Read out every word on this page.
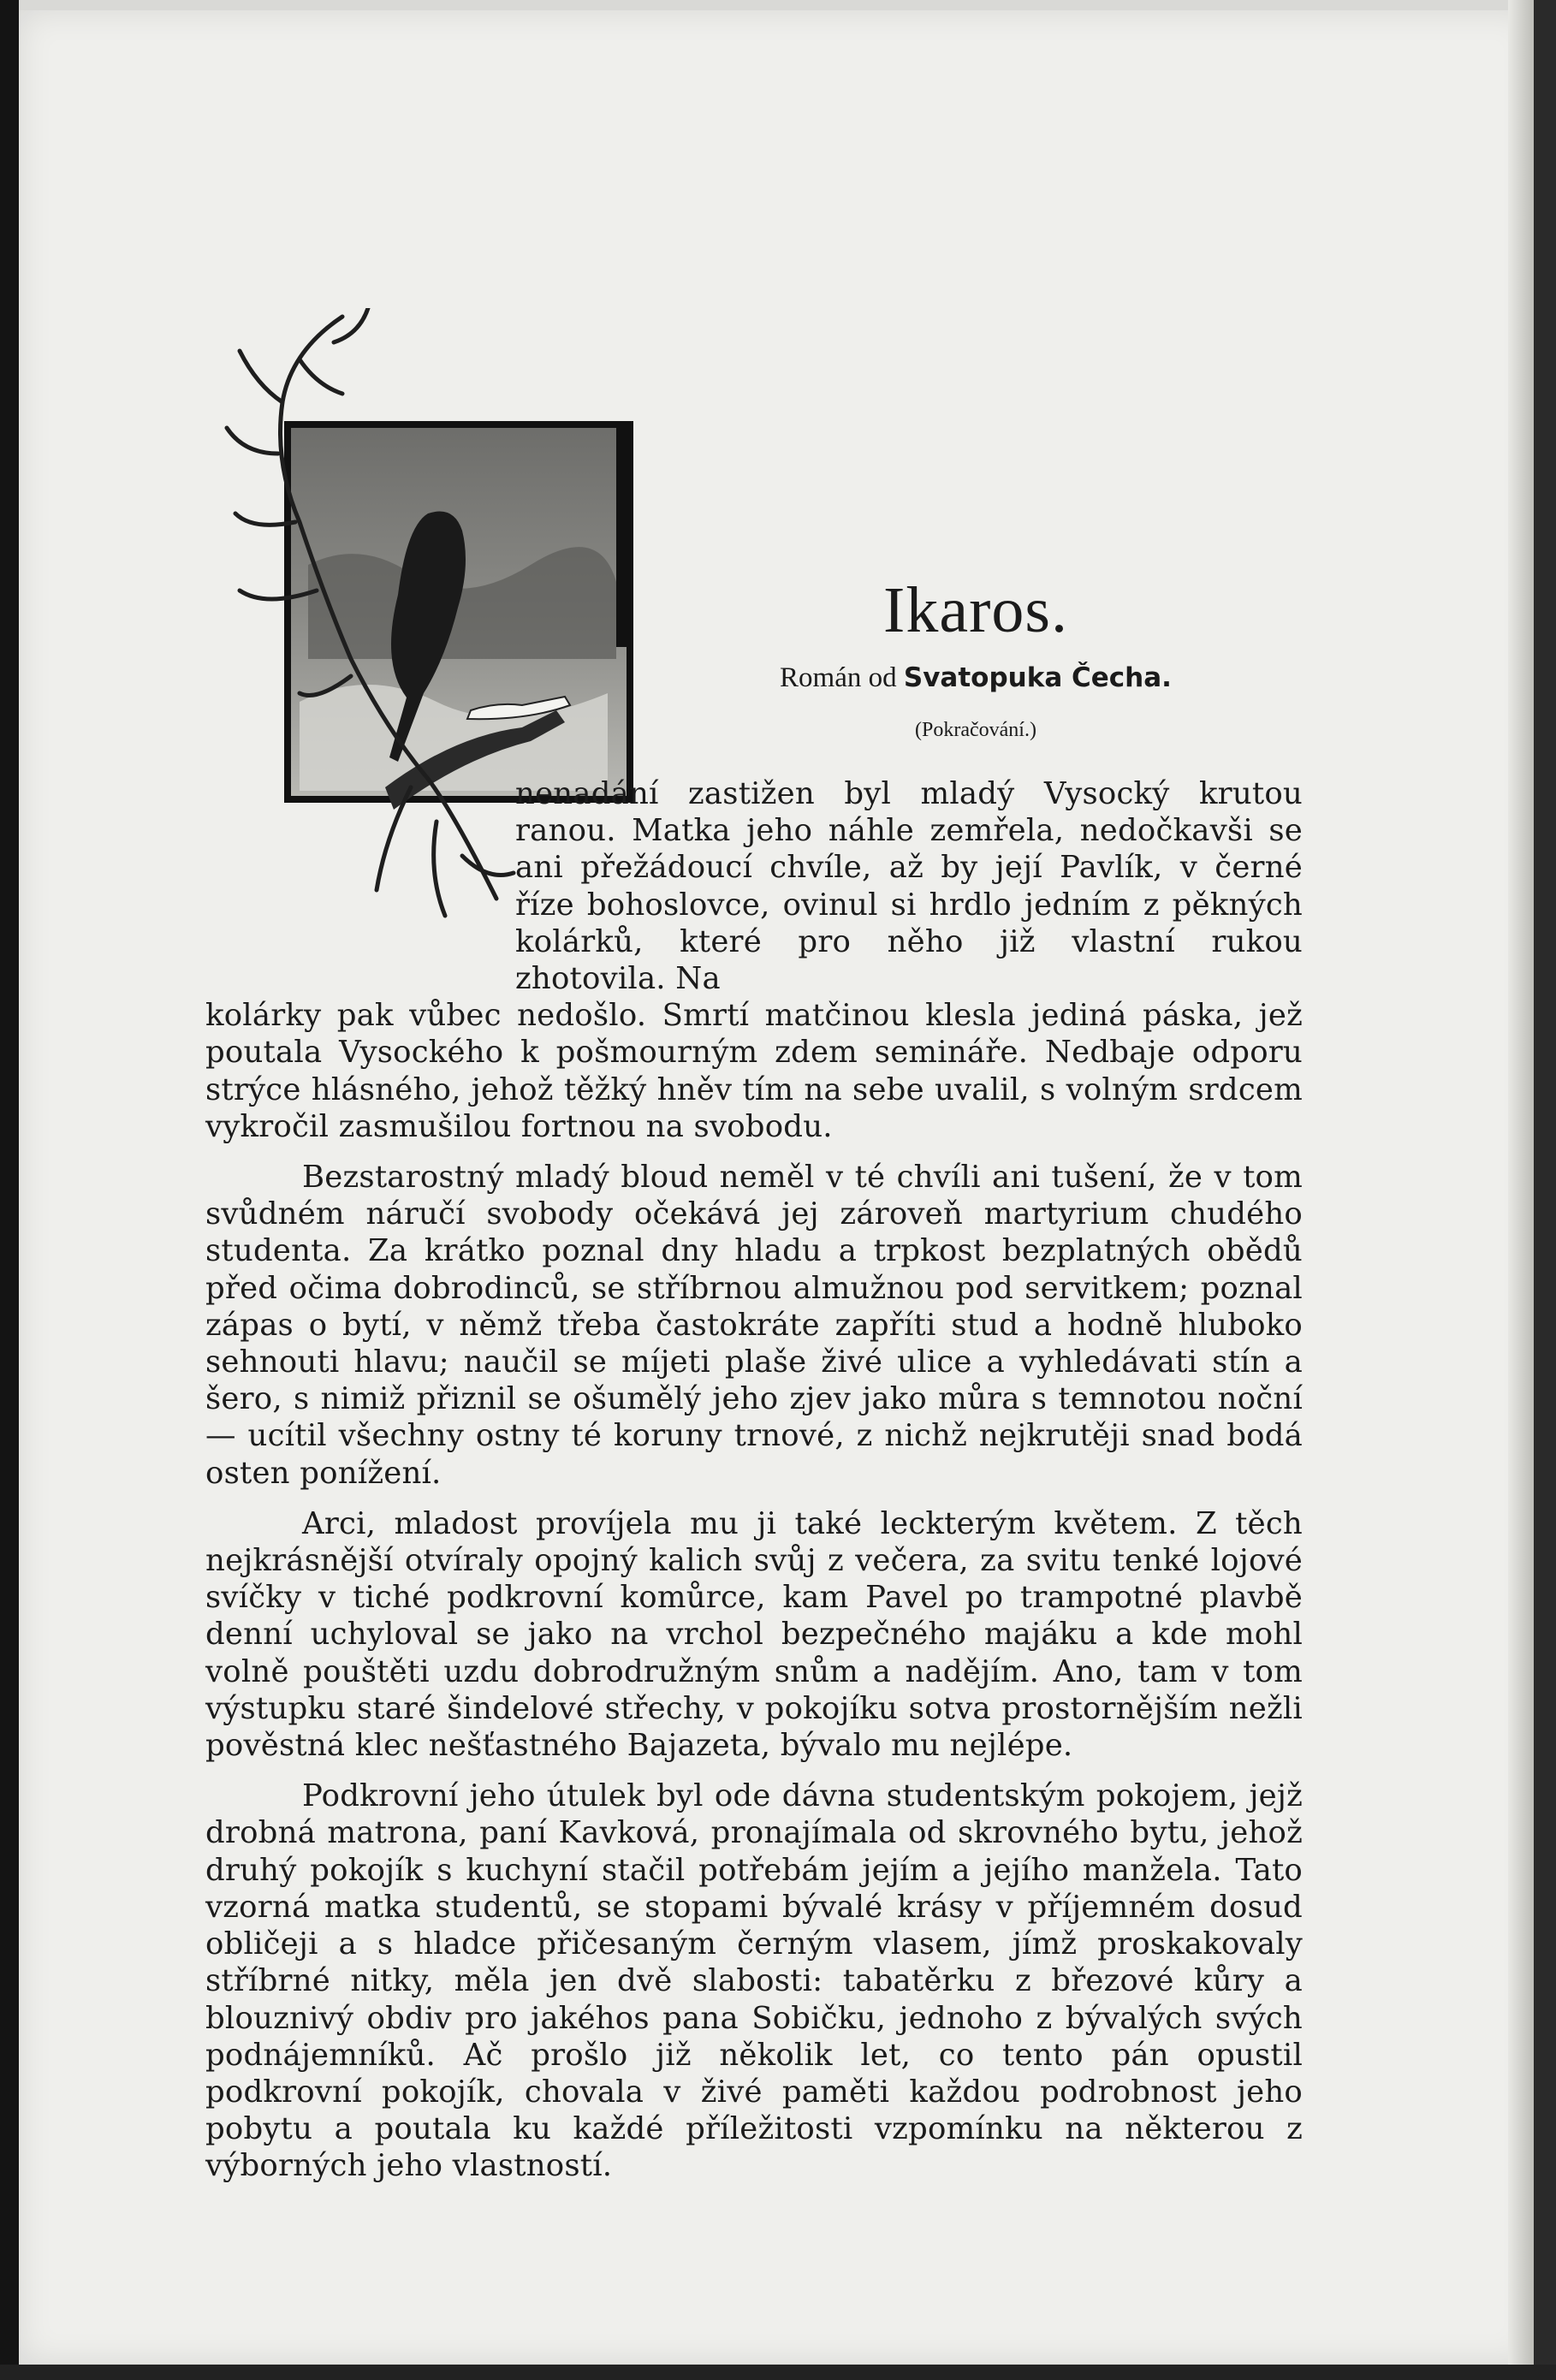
Ikaros.
Román od Svatopuka Čecha.
(Pokračování.)

nenadání zastižen byl mladý Vysocký krutou ranou. Matka jeho náhle zemřela, nedočkavši se ani přežádoucí chvíle, až by její Pavlík, v černé říze bohoslovce, ovinul si hrdlo jedním z pěkných kolárků, které pro něho již vlastní rukou zhotovila. Na

kolárky pak vůbec nedošlo. Smrtí matčinou klesla jediná páska, jež poutala Vysockého k pošmourným zdem semináře. Nedbaje odporu strýce hlásného, jehož těžký hněv tím na sebe uvalil, s volným srdcem vykročil zasmušilou fortnou na svobodu.

Bezstarostný mladý bloud neměl v té chvíli ani tušení, že v tom svůdném náručí svobody očekává jej zároveň martyrium chudého studenta. Za krátko poznal dny hladu a trpkost bezplatných obědů před očima dobrodinců, se stříbrnou almužnou pod servitkem; poznal zápas o bytí, v němž třeba častokráte zapříti stud a hodně hluboko sehnouti hlavu; naučil se míjeti plaše živé ulice a vyhledávati stín a šero, s nimiž přiznil se ošumělý jeho zjev jako můra s temnotou noční — ucítil všechny ostny té koruny trnové, z nichž nejkrutěji snad bodá osten ponížení.

Arci, mladost províjela mu ji také leckterým květem. Z těch nejkrásnější otvíraly opojný kalich svůj z večera, za svitu tenké lojové svíčky v tiché podkrovní komůrce, kam Pavel po trampotné plavbě denní uchyloval se jako na vrchol bezpečného majáku a kde mohl volně pouštěti uzdu dobrodružným snům a nadějím. Ano, tam v tom výstupku staré šindelové střechy, v pokojíku sotva prostornějším nežli pověstná klec nešťastného Bajazeta, bývalo mu nejlépe.

Podkrovní jeho útulek byl ode dávna studentským pokojem, jejž drobná matrona, paní Kavková, pronajímala od skrovného bytu, jehož druhý pokojík s kuchyní stačil potřebám jejím a jejího manžela. Tato vzorná matka studentů, se stopami bývalé krásy v příjemném dosud obličeji a s hladce přičesaným černým vlasem, jímž proskakovaly stříbrné nitky, měla jen dvě slabosti: tabatěrku z březové kůry a blouznivý obdiv pro jakéhos pana Sobičku, jednoho z bývalých svých podnájemníků. Ač prošlo již několik let, co tento pán opustil podkrovní pokojík, chovala v živé paměti každou podrobnost jeho pobytu a poutala ku každé příležitosti vzpomínku na některou z výborných jeho vlastností.
